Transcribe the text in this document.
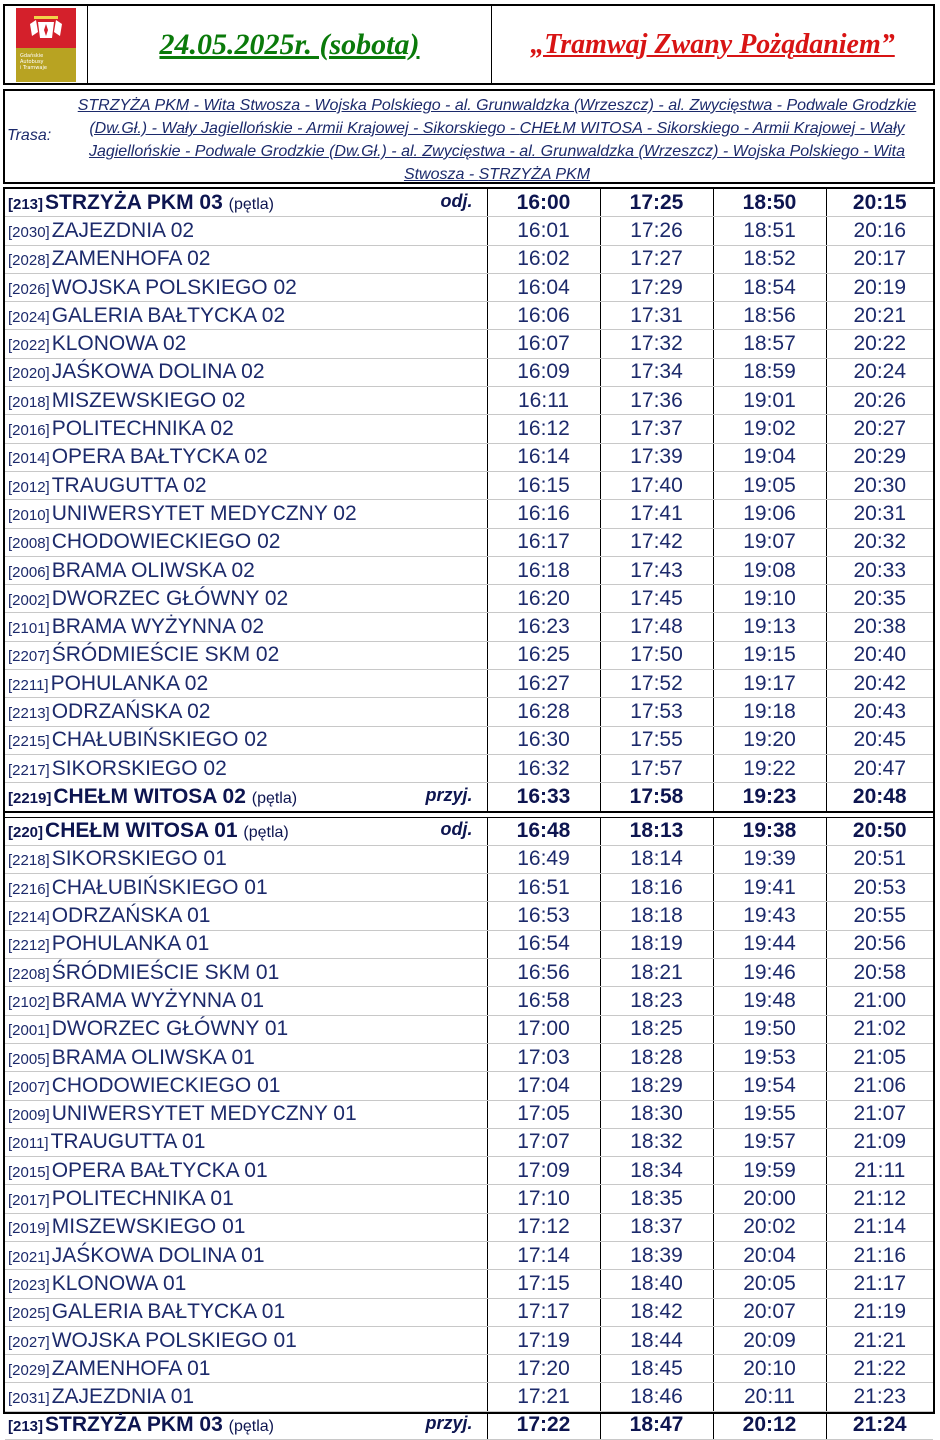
Gdańskie
Autobusy
i Tramwaje
24.05.2025r. (sobota)	„Tramwaj Zwany Pożądaniem”
Trasa:
STRZYŻA PKM - Wita Stwosza - Wojska Polskiego - al. Grunwaldzka (Wrzeszcz) - al. Zwycięstwa - Podwale Grodzkie (Dw.Gł.) - Wały Jagiellońskie - Armii Krajowej - Sikorskiego - CHEŁM WITOSA - Sikorskiego - Armii Krajowej - Wały Jagiellońskie - Podwale Grodzkie (Dw.Gł.) - al. Zwycięstwa - al. Grunwaldzka (Wrzeszcz) - Wojska Polskiego - Wita Stwosza - STRZYŻA PKM
[213]STRZYŻA PKM 03 (pętla) odj.	16:00	17:25	18:50	20:15
[2030]ZAJEZDNIA 02	16:01	17:26	18:51	20:16
[2028]ZAMENHOFA 02	16:02	17:27	18:52	20:17
[2026]WOJSKA POLSKIEGO 02	16:04	17:29	18:54	20:19
[2024]GALERIA BAŁTYCKA 02	16:06	17:31	18:56	20:21
[2022]KLONOWA 02	16:07	17:32	18:57	20:22
[2020]JAŚKOWA DOLINA 02	16:09	17:34	18:59	20:24
[2018]MISZEWSKIEGO 02	16:11	17:36	19:01	20:26
[2016]POLITECHNIKA 02	16:12	17:37	19:02	20:27
[2014]OPERA BAŁTYCKA 02	16:14	17:39	19:04	20:29
[2012]TRAUGUTTA 02	16:15	17:40	19:05	20:30
[2010]UNIWERSYTET MEDYCZNY 02	16:16	17:41	19:06	20:31
[2008]CHODOWIECKIEGO 02	16:17	17:42	19:07	20:32
[2006]BRAMA OLIWSKA 02	16:18	17:43	19:08	20:33
[2002]DWORZEC GŁÓWNY 02	16:20	17:45	19:10	20:35
[2101]BRAMA WYŻYNNA 02	16:23	17:48	19:13	20:38
[2207]ŚRÓDMIEŚCIE SKM 02	16:25	17:50	19:15	20:40
[2211]POHULANKA 02	16:27	17:52	19:17	20:42
[2213]ODRZAŃSKA 02	16:28	17:53	19:18	20:43
[2215]CHAŁUBIŃSKIEGO 02	16:30	17:55	19:20	20:45
[2217]SIKORSKIEGO 02	16:32	17:57	19:22	20:47
[2219]CHEŁM WITOSA 02 (pętla) przyj.	16:33	17:58	19:23	20:48

[220]CHEŁM WITOSA 01 (pętla) odj.	16:48	18:13	19:38	20:50
[2218]SIKORSKIEGO 01	16:49	18:14	19:39	20:51
[2216]CHAŁUBIŃSKIEGO 01	16:51	18:16	19:41	20:53
[2214]ODRZAŃSKA 01	16:53	18:18	19:43	20:55
[2212]POHULANKA 01	16:54	18:19	19:44	20:56
[2208]ŚRÓDMIEŚCIE SKM 01	16:56	18:21	19:46	20:58
[2102]BRAMA WYŻYNNA 01	16:58	18:23	19:48	21:00
[2001]DWORZEC GŁÓWNY 01	17:00	18:25	19:50	21:02
[2005]BRAMA OLIWSKA 01	17:03	18:28	19:53	21:05
[2007]CHODOWIECKIEGO 01	17:04	18:29	19:54	21:06
[2009]UNIWERSYTET MEDYCZNY 01	17:05	18:30	19:55	21:07
[2011]TRAUGUTTA 01	17:07	18:32	19:57	21:09
[2015]OPERA BAŁTYCKA 01	17:09	18:34	19:59	21:11
[2017]POLITECHNIKA 01	17:10	18:35	20:00	21:12
[2019]MISZEWSKIEGO 01	17:12	18:37	20:02	21:14
[2021]JAŚKOWA DOLINA 01	17:14	18:39	20:04	21:16
[2023]KLONOWA 01	17:15	18:40	20:05	21:17
[2025]GALERIA BAŁTYCKA 01	17:17	18:42	20:07	21:19
[2027]WOJSKA POLSKIEGO 01	17:19	18:44	20:09	21:21
[2029]ZAMENHOFA 01	17:20	18:45	20:10	21:22
[2031]ZAJEZDNIA 01	17:21	18:46	20:11	21:23
[213]STRZYŻA PKM 03 (pętla) przyj.	17:22	18:47	20:12	21:24
